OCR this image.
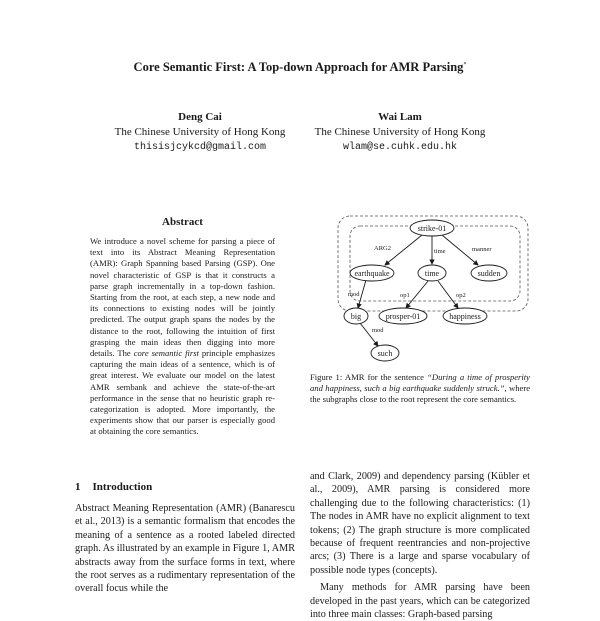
Core Semantic First: A Top-down Approach for AMR Parsing*
Deng Cai
The Chinese University of Hong Kong
thisisjcykcd@gmail.com
Wai Lam
The Chinese University of Hong Kong
wlam@se.cuhk.edu.hk
Abstract
We introduce a novel scheme for parsing a piece of text into its Abstract Meaning Representation (AMR): Graph Spanning based Parsing (GSP). One novel characteristic of GSP is that it constructs a parse graph incrementally in a top-down fashion. Starting from the root, at each step, a new node and its connections to existing nodes will be jointly predicted. The output graph spans the nodes by the distance to the root, following the intuition of first grasping the main ideas then digging into more details. The core semantic first principle emphasizes capturing the main ideas of a sentence, which is of great interest. We evaluate our model on the latest AMR sembank and achieve the state-of-the-art performance in the sense that no heuristic graph re-categorization is adopted. More importantly, the experiments show that our parser is especially good at obtaining the core semantics.
1 Introduction
Abstract Meaning Representation (AMR) (Banarescu et al., 2013) is a semantic formalism that encodes the meaning of a sentence as a rooted labeled directed graph. As illustrated by an example in Figure 1, AMR abstracts away from the surface forms in text, where the root serves as a rudimentary representation of the overall focus while the
ARG2	time	manner
mod	op1	op2
mod
strike-01
earthquake	time	sudden
big	prosper-01	happiness
such
Figure 1: AMR for the sentence “During a time of prosperity and happiness, such a big earthquake suddenly struck.”, where the subgraphs close to the root represent the core semantics.

and Clark, 2009) and dependency parsing (Kübler et al., 2009), AMR parsing is considered more challenging due to the following characteristics: (1) The nodes in AMR have no explicit alignment to text tokens; (2) The graph structure is more complicated because of frequent reentrancies and non-projective arcs; (3) There is a large and sparse vocabulary of possible node types (concepts).

Many methods for AMR parsing have been developed in the past years, which can be categorized into three main classes: Graph-based parsing
